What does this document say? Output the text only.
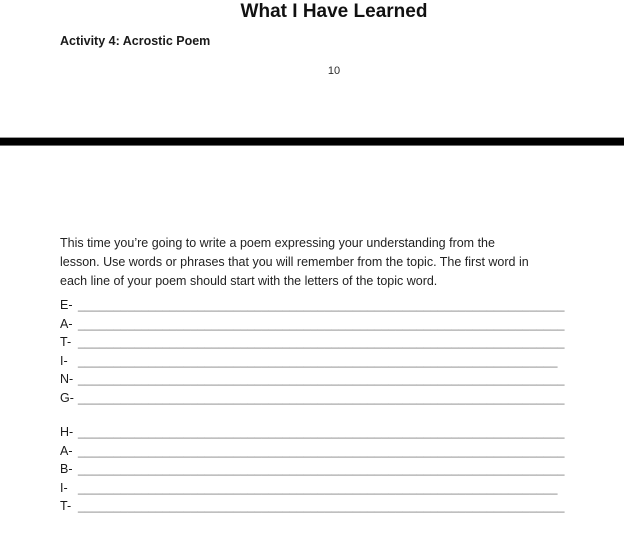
What I Have Learned
Activity 4: Acrostic Poem
10
This time you’re going to write a poem expressing your understanding from the
lesson. Use words or phrases that you will remember from the topic. The first word in
each line of your poem should start with the letters of the topic word.
E- _____________________________________________________________________
A- _____________________________________________________________________
T- _____________________________________________________________________
I- ____________________________________________________________________
N- _____________________________________________________________________
G- _____________________________________________________________________
H- _____________________________________________________________________
A- _____________________________________________________________________
B- _____________________________________________________________________
I- ____________________________________________________________________
T- _____________________________________________________________________
